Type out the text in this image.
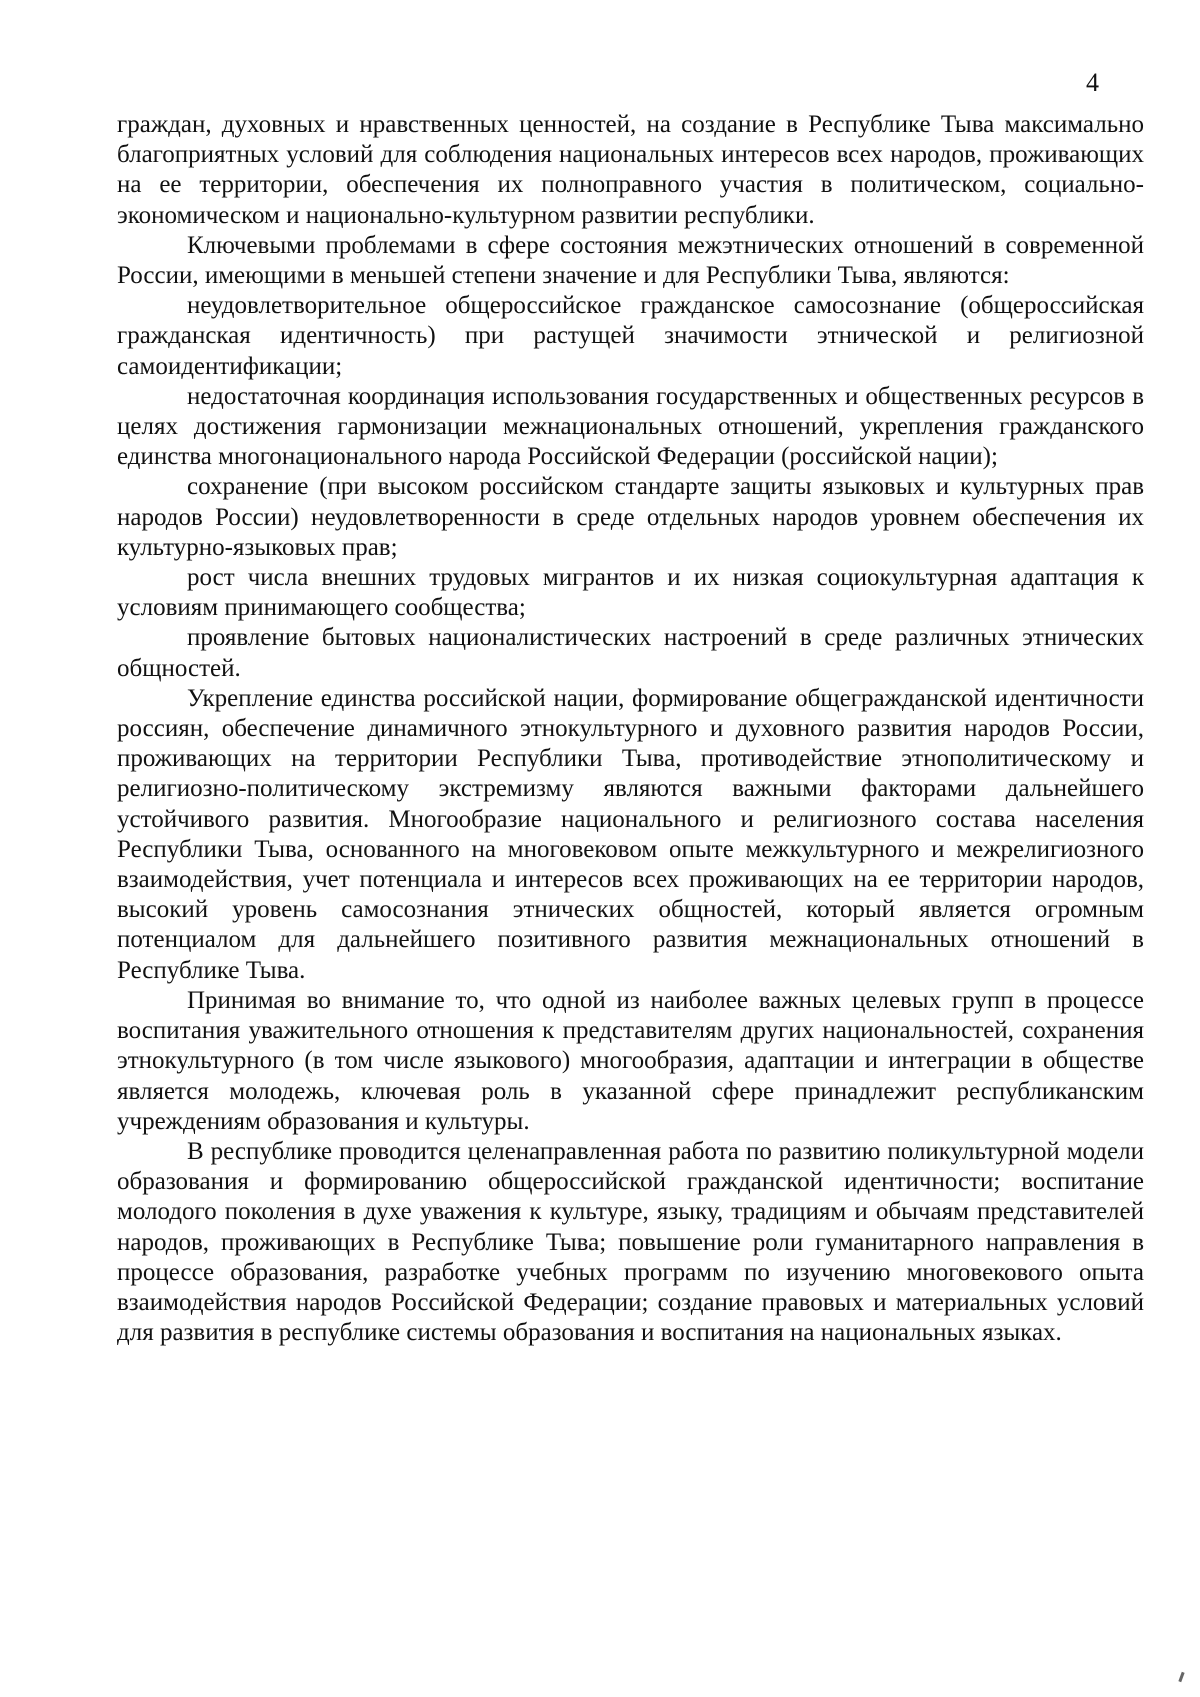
4

граждан, духовных и нравственных ценностей, на создание в Республике Тыва максимально благоприятных условий для соблюдения национальных интересов всех народов, проживающих на ее территории, обеспечения их полноправного участия в политическом, социально-экономическом и национально-культурном развитии республики.

Ключевыми проблемами в сфере состояния межэтнических отношений в современной России, имеющими в меньшей степени значение и для Республики Тыва, являются:

неудовлетворительное общероссийское гражданское самосознание (общероссийская гражданская идентичность) при растущей значимости этнической и религиозной самоидентификации;

недостаточная координация использования государственных и общественных ресурсов в целях достижения гармонизации межнациональных отношений, укрепления гражданского единства многонационального народа Российской Федерации (российской нации);

сохранение (при высоком российском стандарте защиты языковых и культурных прав народов России) неудовлетворенности в среде отдельных народов уровнем обеспечения их культурно-языковых прав;

рост числа внешних трудовых мигрантов и их низкая социокультурная адаптация к условиям принимающего сообщества;

проявление бытовых националистических настроений в среде различных этнических общностей.

Укрепление единства российской нации, формирование общегражданской идентичности россиян, обеспечение динамичного этнокультурного и духовного развития народов России, проживающих на территории Республики Тыва, противодействие этнополитическому и религиозно-политическому экстремизму являются важными факторами дальнейшего устойчивого развития. Многообразие национального и религиозного состава населения Республики Тыва, основанного на многовековом опыте межкультурного и межрелигиозного взаимодействия, учет потенциала и интересов всех проживающих на ее территории народов, высокий уровень самосознания этнических общностей, который является огромным потенциалом для дальнейшего позитивного развития межнациональных отношений в Республике Тыва.

Принимая во внимание то, что одной из наиболее важных целевых групп в процессе воспитания уважительного отношения к представителям других национальностей, сохранения этнокультурного (в том числе языкового) многообразия, адаптации и интеграции в обществе является молодежь, ключевая роль в указанной сфере принадлежит республиканским учреждениям образования и культуры.

В республике проводится целенаправленная работа по развитию поликультурной модели образования и формированию общероссийской гражданской идентичности; воспитание молодого поколения в духе уважения к культуре, языку, традициям и обычаям представителей народов, проживающих в Республике Тыва; повышение роли гуманитарного направления в процессе образования, разработке учебных программ по изучению многовекового опыта взаимодействия народов Российской Федерации; создание правовых и материальных условий для развития в республике системы образования и воспитания на национальных языках.
